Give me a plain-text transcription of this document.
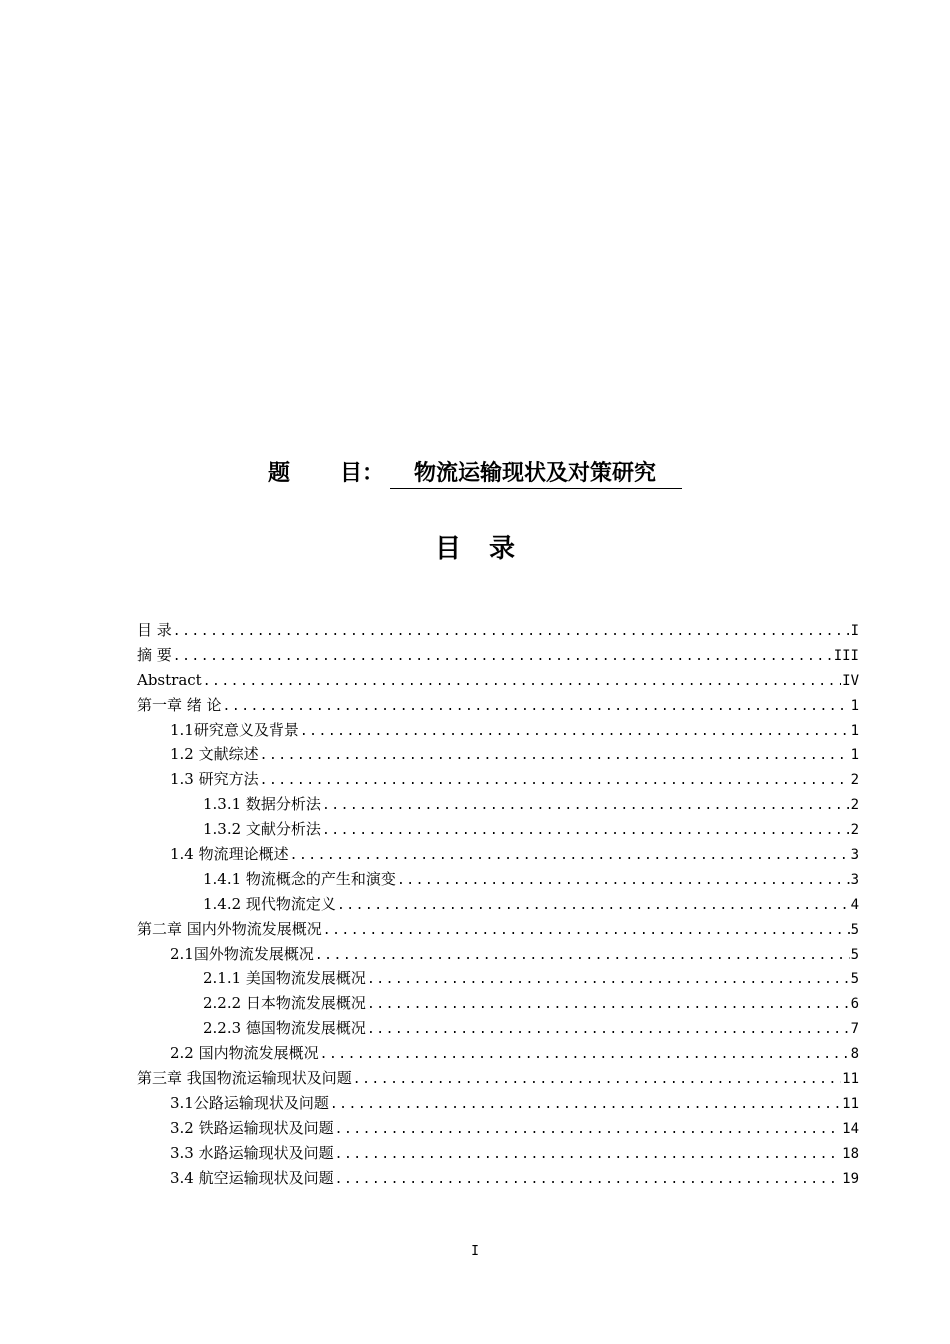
题 目： 物流运输现状及对策研究
目录
目 录 .....	I
摘 要 .....	III
Abstract .....	IV
第一章 绪 论 .....	1
1.1研究意义及背景 .....	1
1.2 文献综述 .....	1
1.3 研究方法 .....	2
1.3.1 数据分析法 .....	2
1.3.2 文献分析法 .....	2
1.4 物流理论概述 .....	3
1.4.1 物流概念的产生和演变 .....	3
1.4.2 现代物流定义 .....	4
第二章 国内外物流发展概况 .....	5
2.1国外物流发展概况 .....	5
2.1.1 美国物流发展概况 .....	5
2.2.2 日本物流发展概况 .....	6
2.2.3 德国物流发展概况 .....	7
2.2 国内物流发展概况 .....	8
第三章 我国物流运输现状及问题 .....	11
3.1公路运输现状及问题 .....	11
3.2 铁路运输现状及问题 .....	14
3.3 水路运输现状及问题 .....	18
3.4 航空运输现状及问题 .....	19
I
